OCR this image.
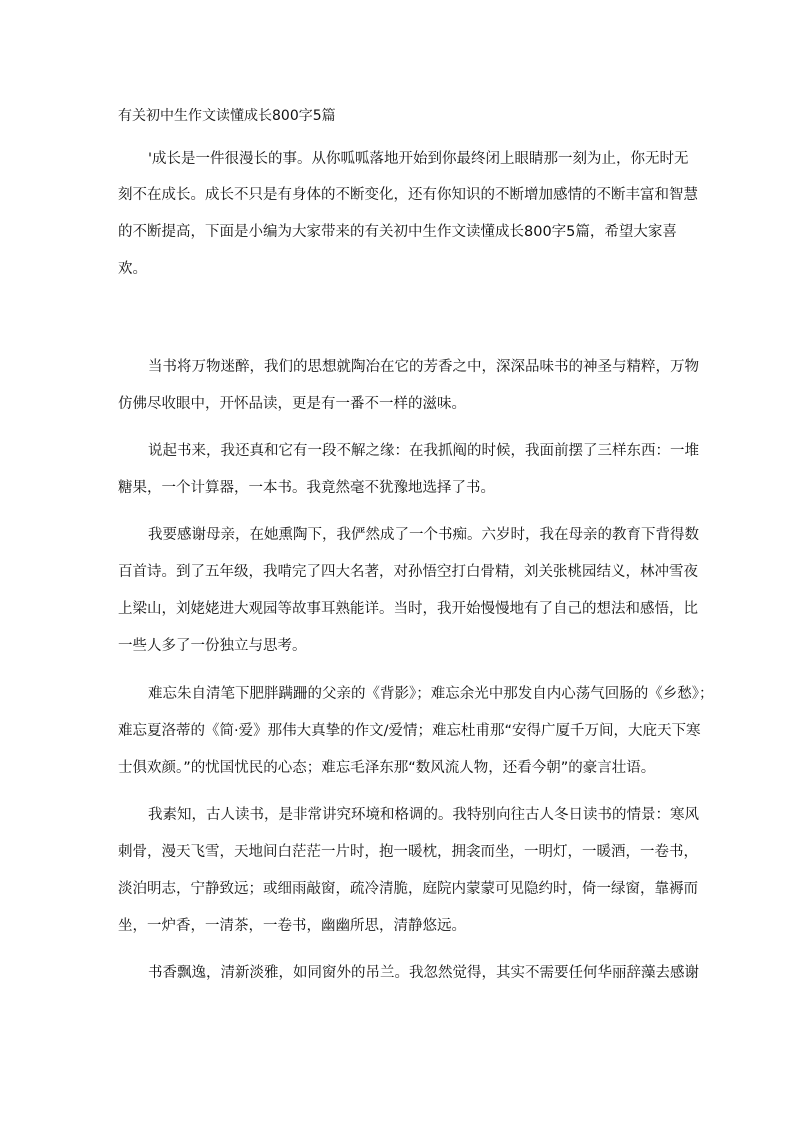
有关初中生作文读懂成长800字5篇
'成长是一件很漫长的事。从你呱呱落地开始到你最终闭上眼睛那一刻为止，你无时无
刻不在成长。成长不只是有身体的不断变化，还有你知识的不断增加感情的不断丰富和智慧
的不断提高，下面是小编为大家带来的有关初中生作文读懂成长800字5篇，希望大家喜
欢。
当书将万物迷醉，我们的思想就陶冶在它的芳香之中，深深品味书的神圣与精粹，万物
仿佛尽收眼中，开怀品读，更是有一番不一样的滋味。
说起书来，我还真和它有一段不解之缘：在我抓阄的时候，我面前摆了三样东西：一堆
糖果，一个计算器，一本书。我竟然毫不犹豫地选择了书。
我要感谢母亲，在她熏陶下，我俨然成了一个书痴。六岁时，我在母亲的教育下背得数
百首诗。到了五年级，我啃完了四大名著，对孙悟空打白骨精，刘关张桃园结义，林冲雪夜
上梁山，刘姥姥进大观园等故事耳熟能详。当时，我开始慢慢地有了自己的想法和感悟，比
一些人多了一份独立与思考。
难忘朱自清笔下肥胖蹒跚的父亲的《背影》；难忘余光中那发自内心荡气回肠的《乡愁》；
难忘夏洛蒂的《简·爱》那伟大真挚的作文/爱情；难忘杜甫那“安得广厦千万间，大庇天下寒
士俱欢颜。”的忧国忧民的心态；难忘毛泽东那“数风流人物，还看今朝”的豪言壮语。
我素知，古人读书，是非常讲究环境和格调的。我特别向往古人冬日读书的情景：寒风
刺骨，漫天飞雪，天地间白茫茫一片时，抱一暖枕，拥衾而坐，一明灯，一暖酒，一卷书，
淡泊明志，宁静致远；或细雨敲窗，疏冷清脆，庭院内蒙蒙可见隐约时，倚一绿窗，靠褥而
坐，一炉香，一清茶，一卷书，幽幽所思，清静悠远。
书香飘逸，清新淡雅，如同窗外的吊兰。我忽然觉得，其实不需要任何华丽辞藻去感谢
